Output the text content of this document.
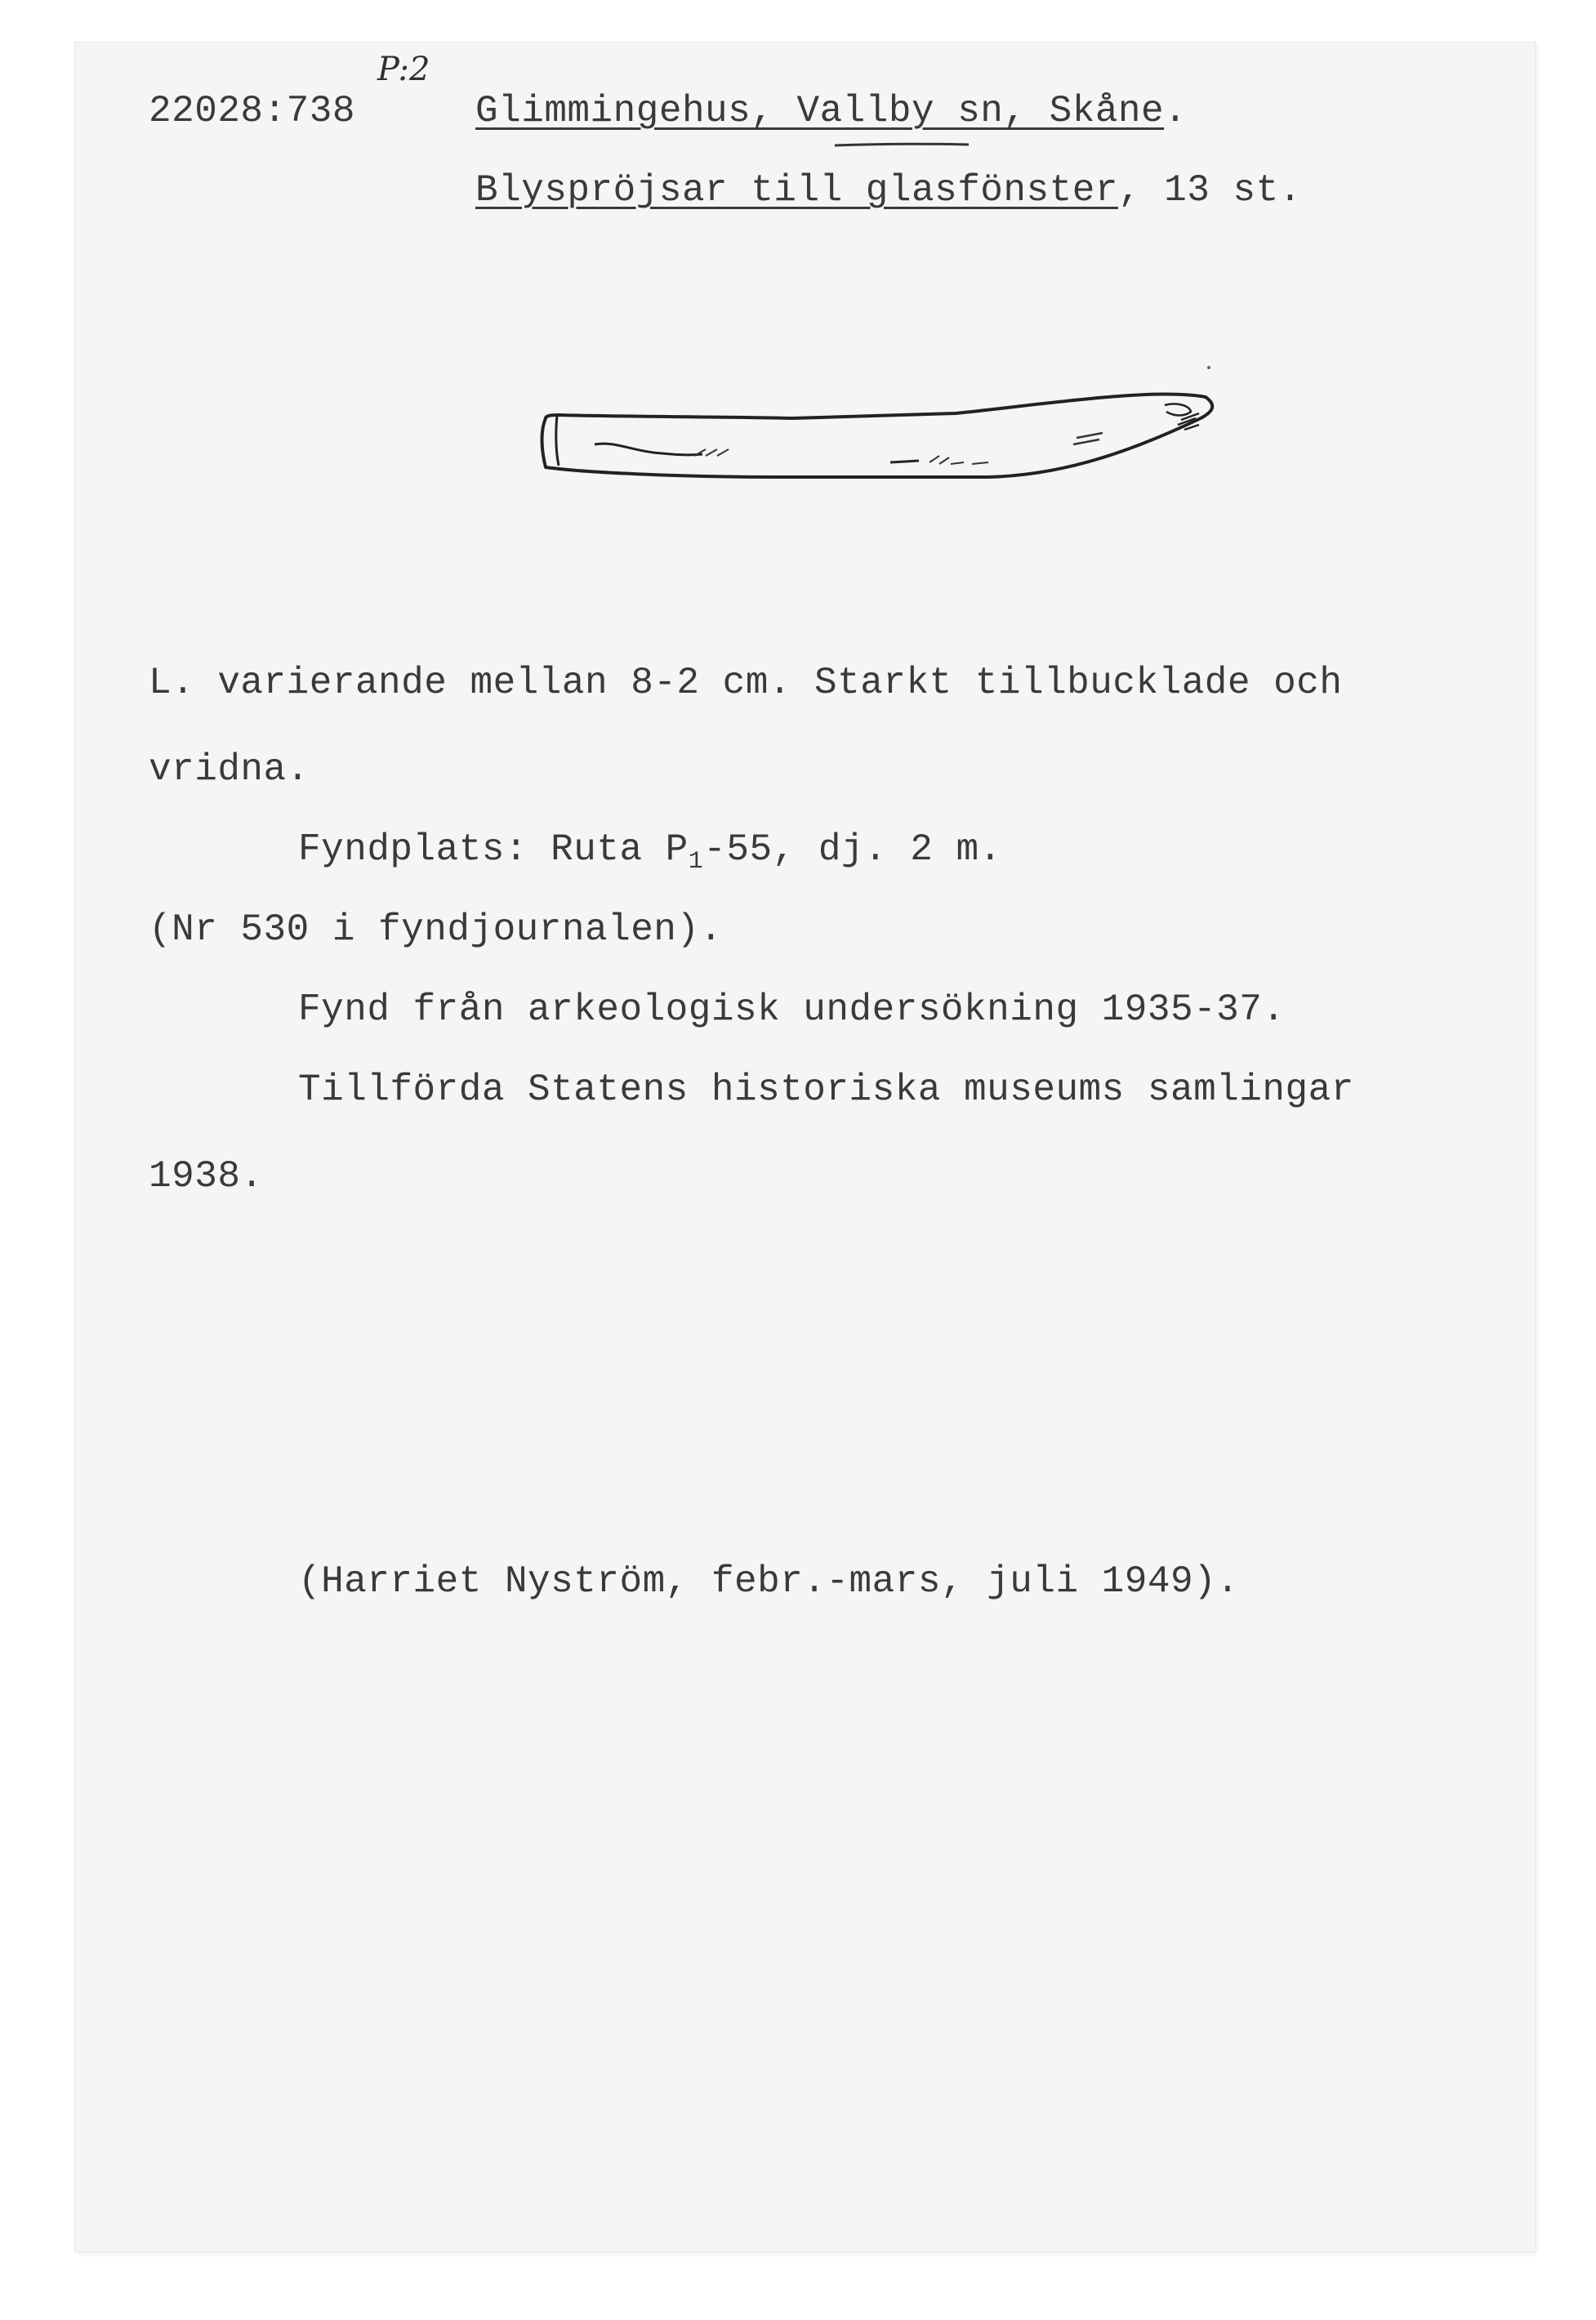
22028:738
P:2
Glimmingehus, Vallby sn, Skåne.
Blyspröjsar till glasfönster, 13 st.
L. varierande mellan 8-2 cm. Starkt tillbucklade och
vridna.
Fyndplats: Ruta $P_1-55$, dj. 2 m.
(Nr 530 i fyndjournalen).
Fynd från arkeologisk undersökning 1935-37.
Tillförda Statens historiska museums samlingar
1938.
(Harriet Nyström, febr.-mars, juli 1949).
